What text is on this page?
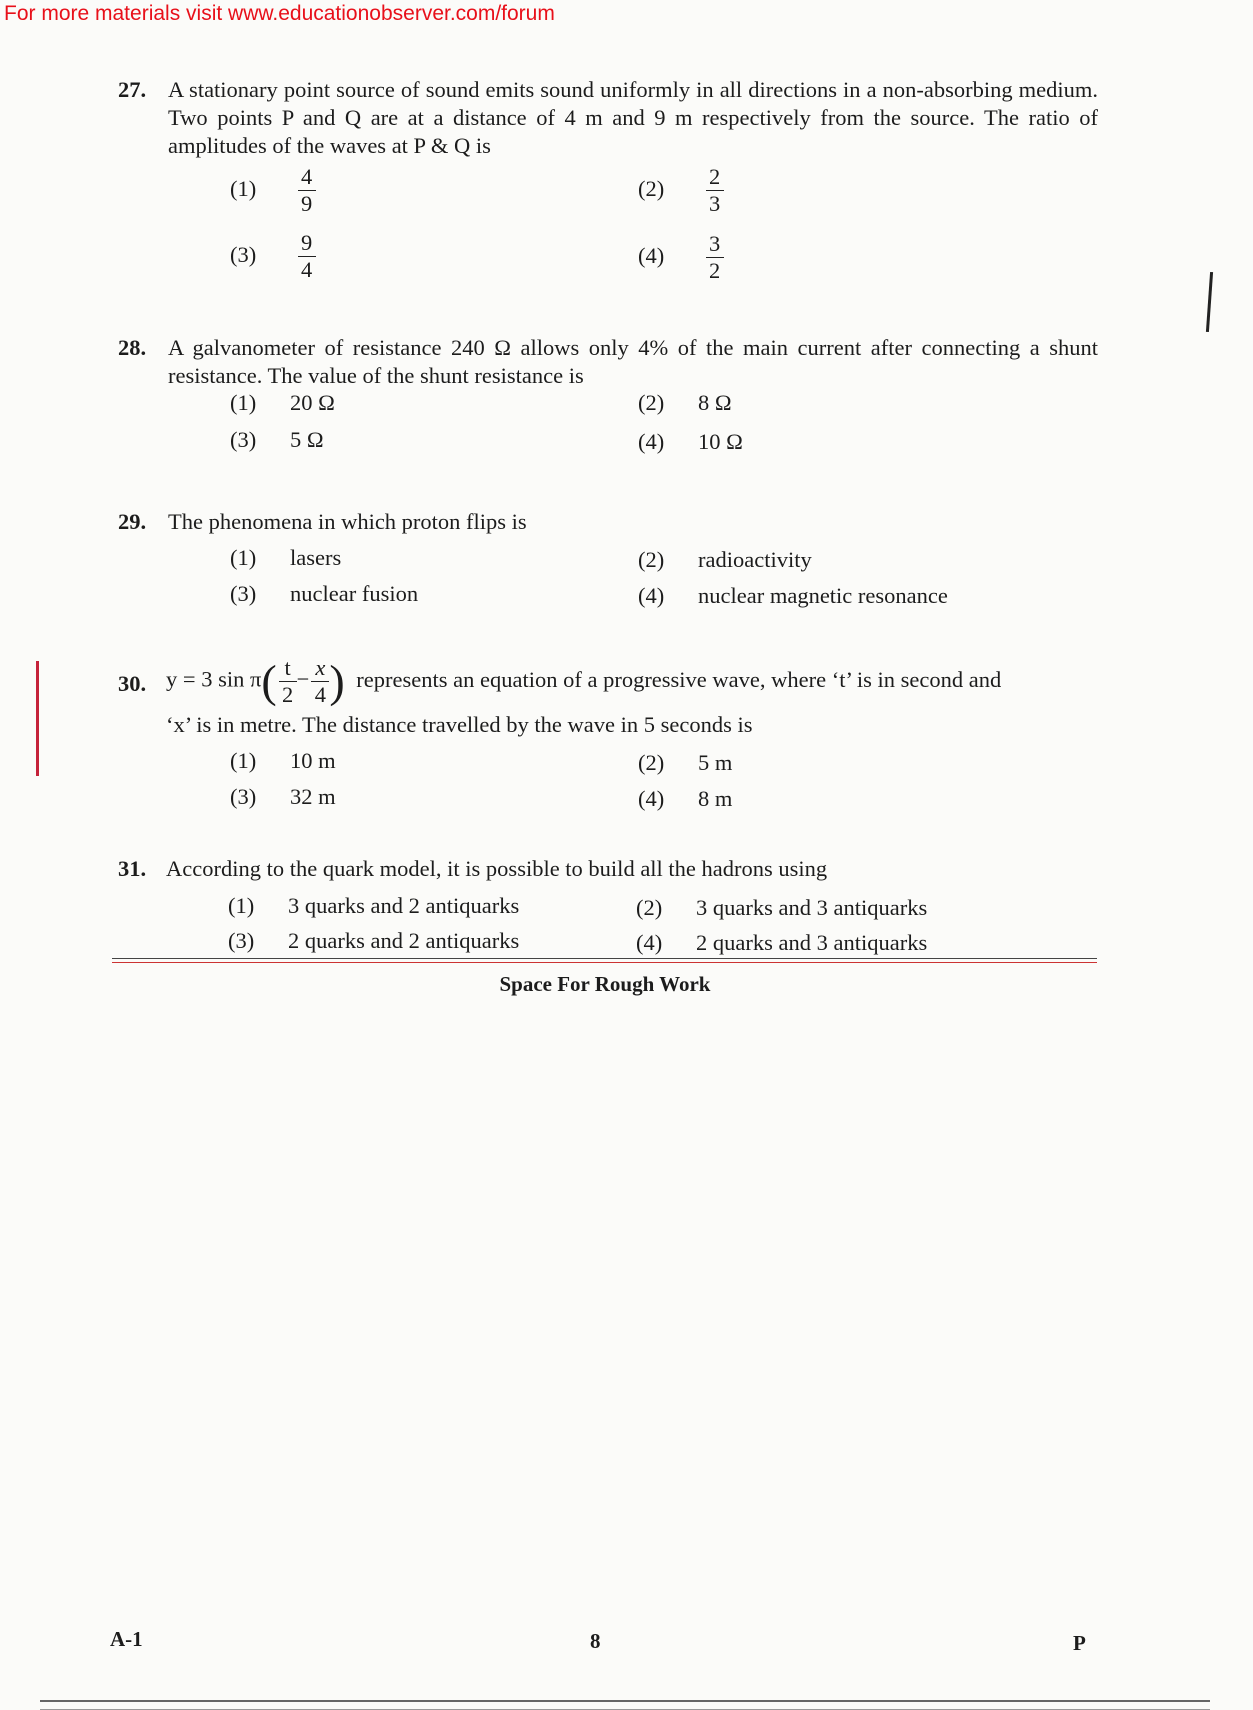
For more materials visit www.educationobserver.com/forum
27. A stationary point source of sound emits sound uniformly in all directions in a non-absorbing medium. Two points P and Q are at a distance of 4 m and 9 m respectively from the source. The ratio of amplitudes of the waves at P & Q is
$(1) \frac{4}{9}$	$(2) \frac{2}{3}$
$(3) \frac{9}{4}$	$(4) \frac{3}{2}$
28. A galvanometer of resistance 240 Ω allows only 4% of the main current after connecting a shunt resistance. The value of the shunt resistance is
(1) 20 Ω	(2) 8 Ω
(3) 5 Ω	(4) 10 Ω
29. The phenomena in which proton flips is
(1) lasers	(2) radioactivity
(3) nuclear fusion	(4) nuclear magnetic resonance
30. y = 3 $\sin \pi( \frac{t}{2} - \frac{x}{4}$ ) represents an equation of a progressive wave, where ‘t’ is in second and
‘x’ is in metre. The distance travelled by the wave in 5 seconds is
(1) 10 m	(2) 5 m
(3) 32 m	(4) 8 m
31. According to the quark model, it is possible to build all the hadrons using
(1) 3 quarks and 2 antiquarks	(2) 3 quarks and 3 antiquarks
(3) 2 quarks and 2 antiquarks	(4) 2 quarks and 3 antiquarks
Space For Rough Work
A-1	8	P
